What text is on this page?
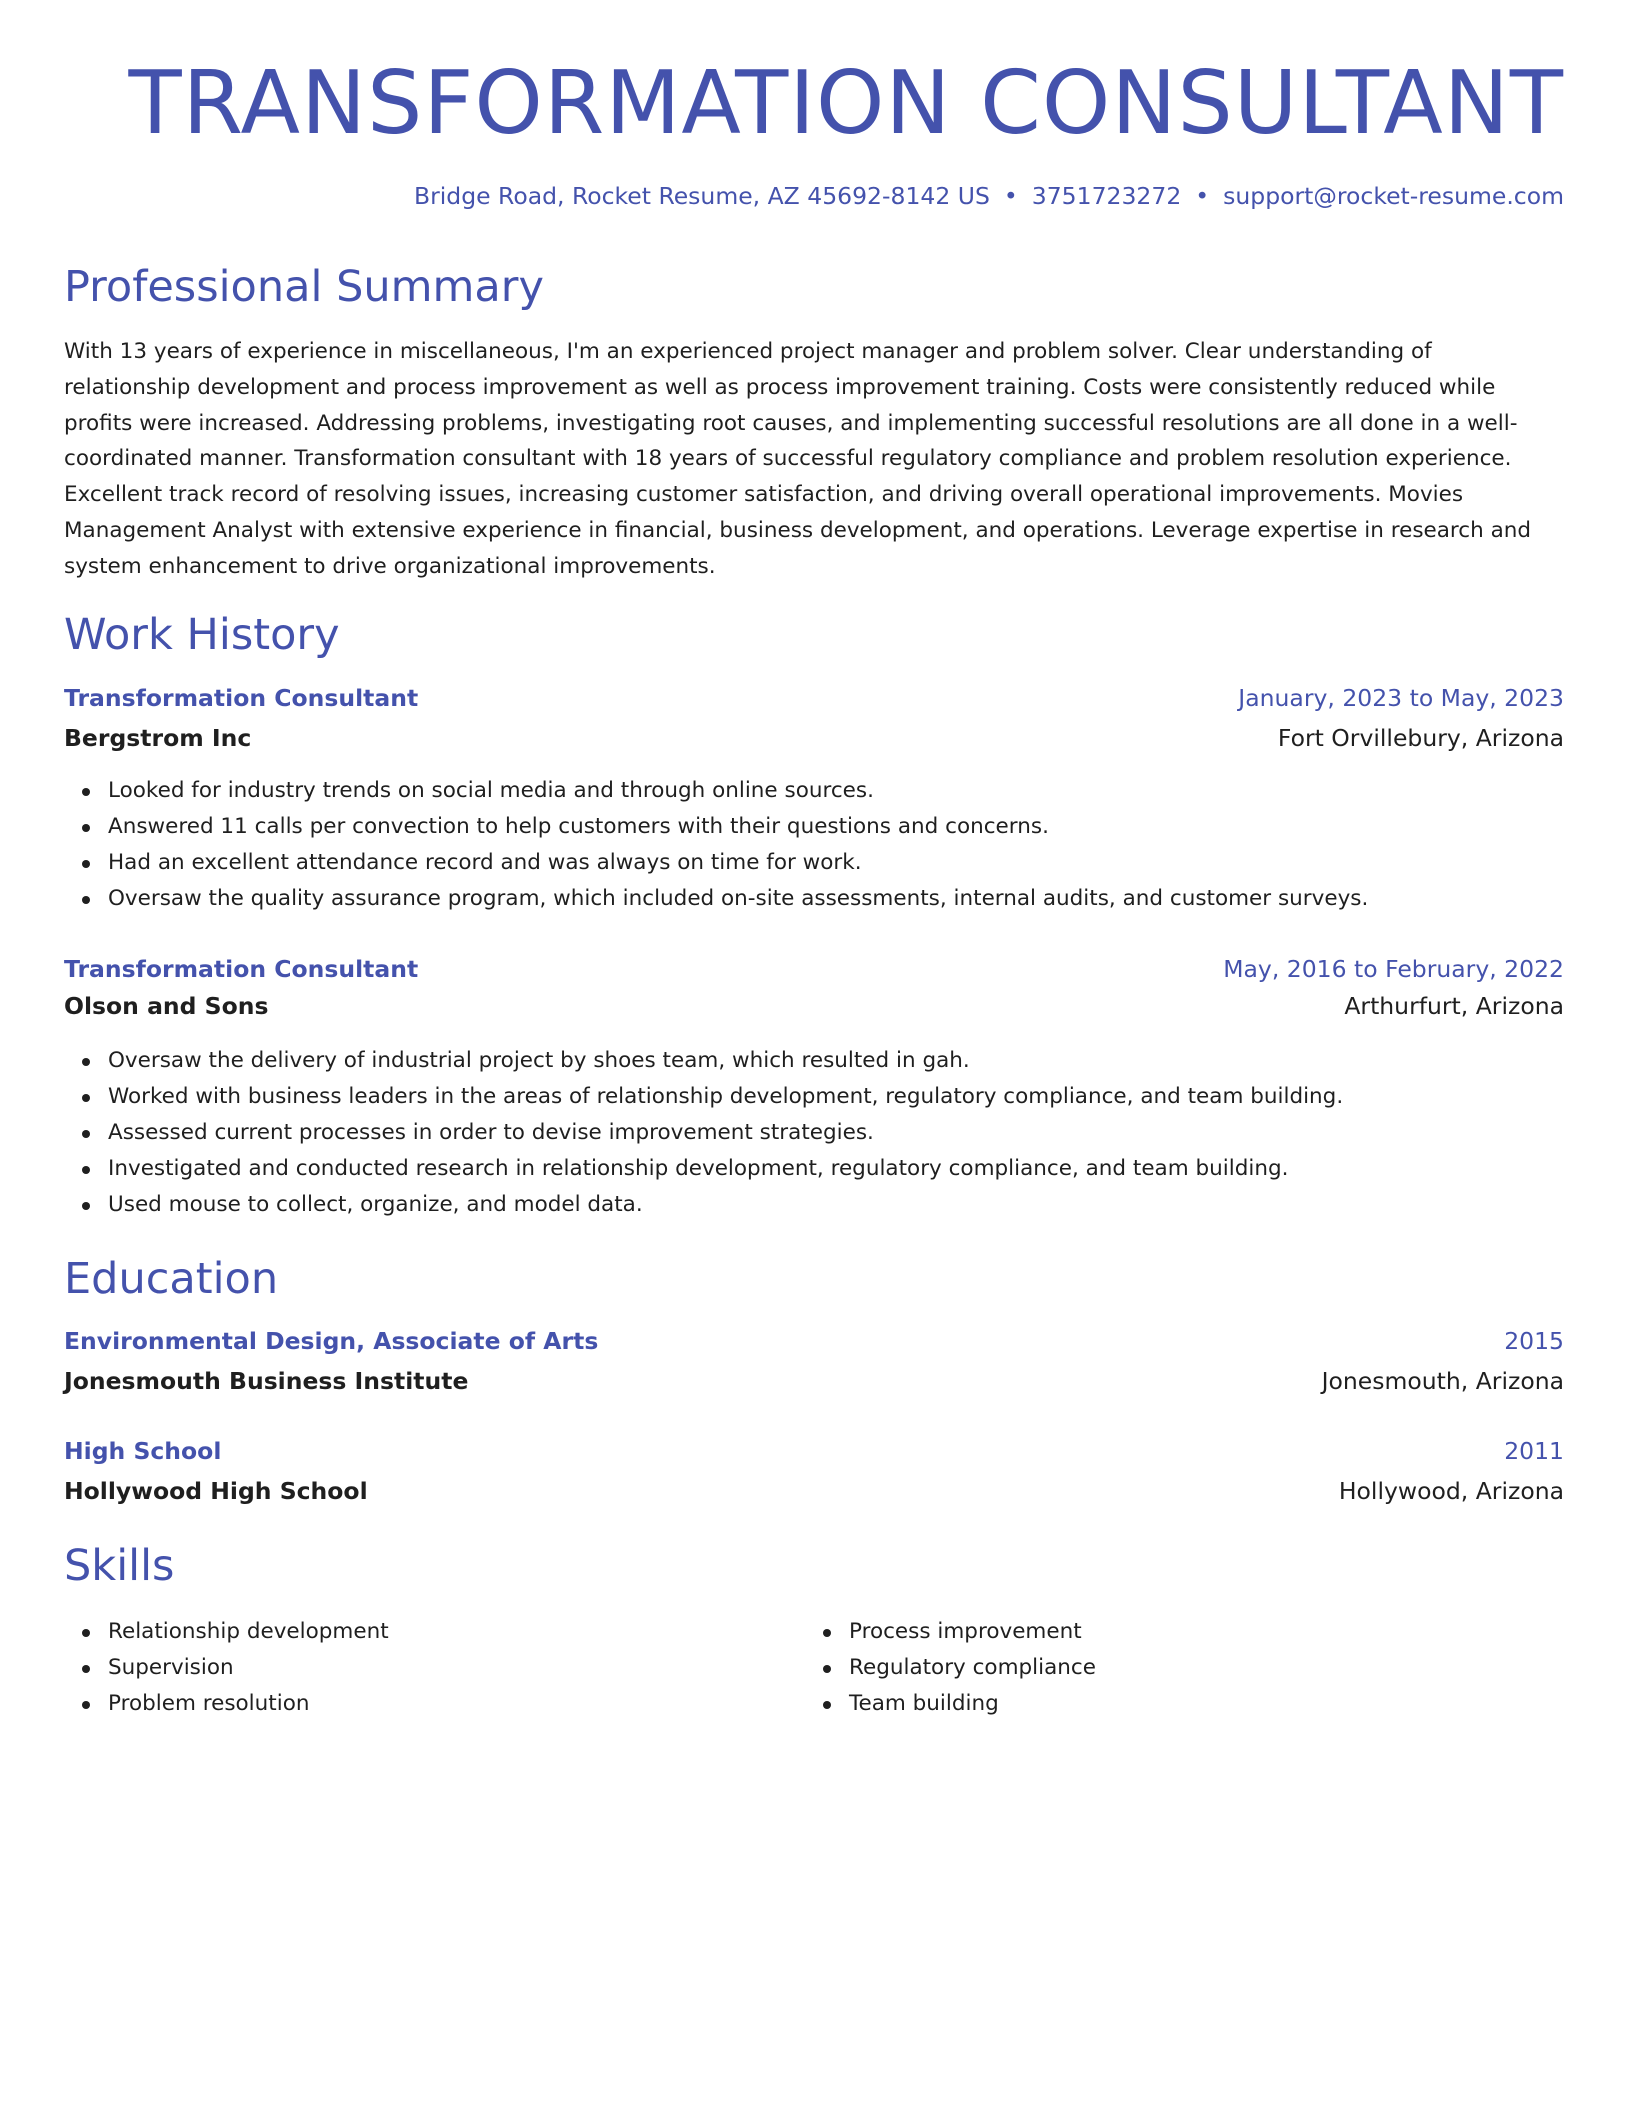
TRANSFORMATION CONSULTANT
Bridge Road, Rocket Resume, AZ 45692-8142 US • 3751723272 • support@rocket-resume.com
Professional Summary

With 13 years of experience in miscellaneous, I'm an experienced project manager and problem solver. Clear understanding of relationship development and process improvement as well as process improvement training. Costs were consistently reduced while profits were increased. Addressing problems, investigating root causes, and implementing successful resolutions are all done in a well-coordinated manner. Transformation consultant with 18 years of successful regulatory compliance and problem resolution experience. Excellent track record of resolving issues, increasing customer satisfaction, and driving overall operational improvements. Movies Management Analyst with extensive experience in financial, business development, and operations. Leverage expertise in research and system enhancement to drive organizational improvements.

Work History
Transformation Consultant	January, 2023 to May, 2023
Bergstrom Inc	Fort Orvillebury, Arizona
Looked for industry trends on social media and through online sources.
Answered 11 calls per convection to help customers with their questions and concerns.
Had an excellent attendance record and was always on time for work.
Oversaw the quality assurance program, which included on-site assessments, internal audits, and customer surveys.
Transformation Consultant	May, 2016 to February, 2022
Olson and Sons	Arthurfurt, Arizona
Oversaw the delivery of industrial project by shoes team, which resulted in gah.
Worked with business leaders in the areas of relationship development, regulatory compliance, and team building.
Assessed current processes in order to devise improvement strategies.
Investigated and conducted research in relationship development, regulatory compliance, and team building.
Used mouse to collect, organize, and model data.
Education
Environmental Design, Associate of Arts	2015
Jonesmouth Business Institute	Jonesmouth, Arizona
High School	2011
Hollywood High School	Hollywood, Arizona
Skills
Relationship development
Supervision
Problem resolution
Process improvement
Regulatory compliance
Team building
